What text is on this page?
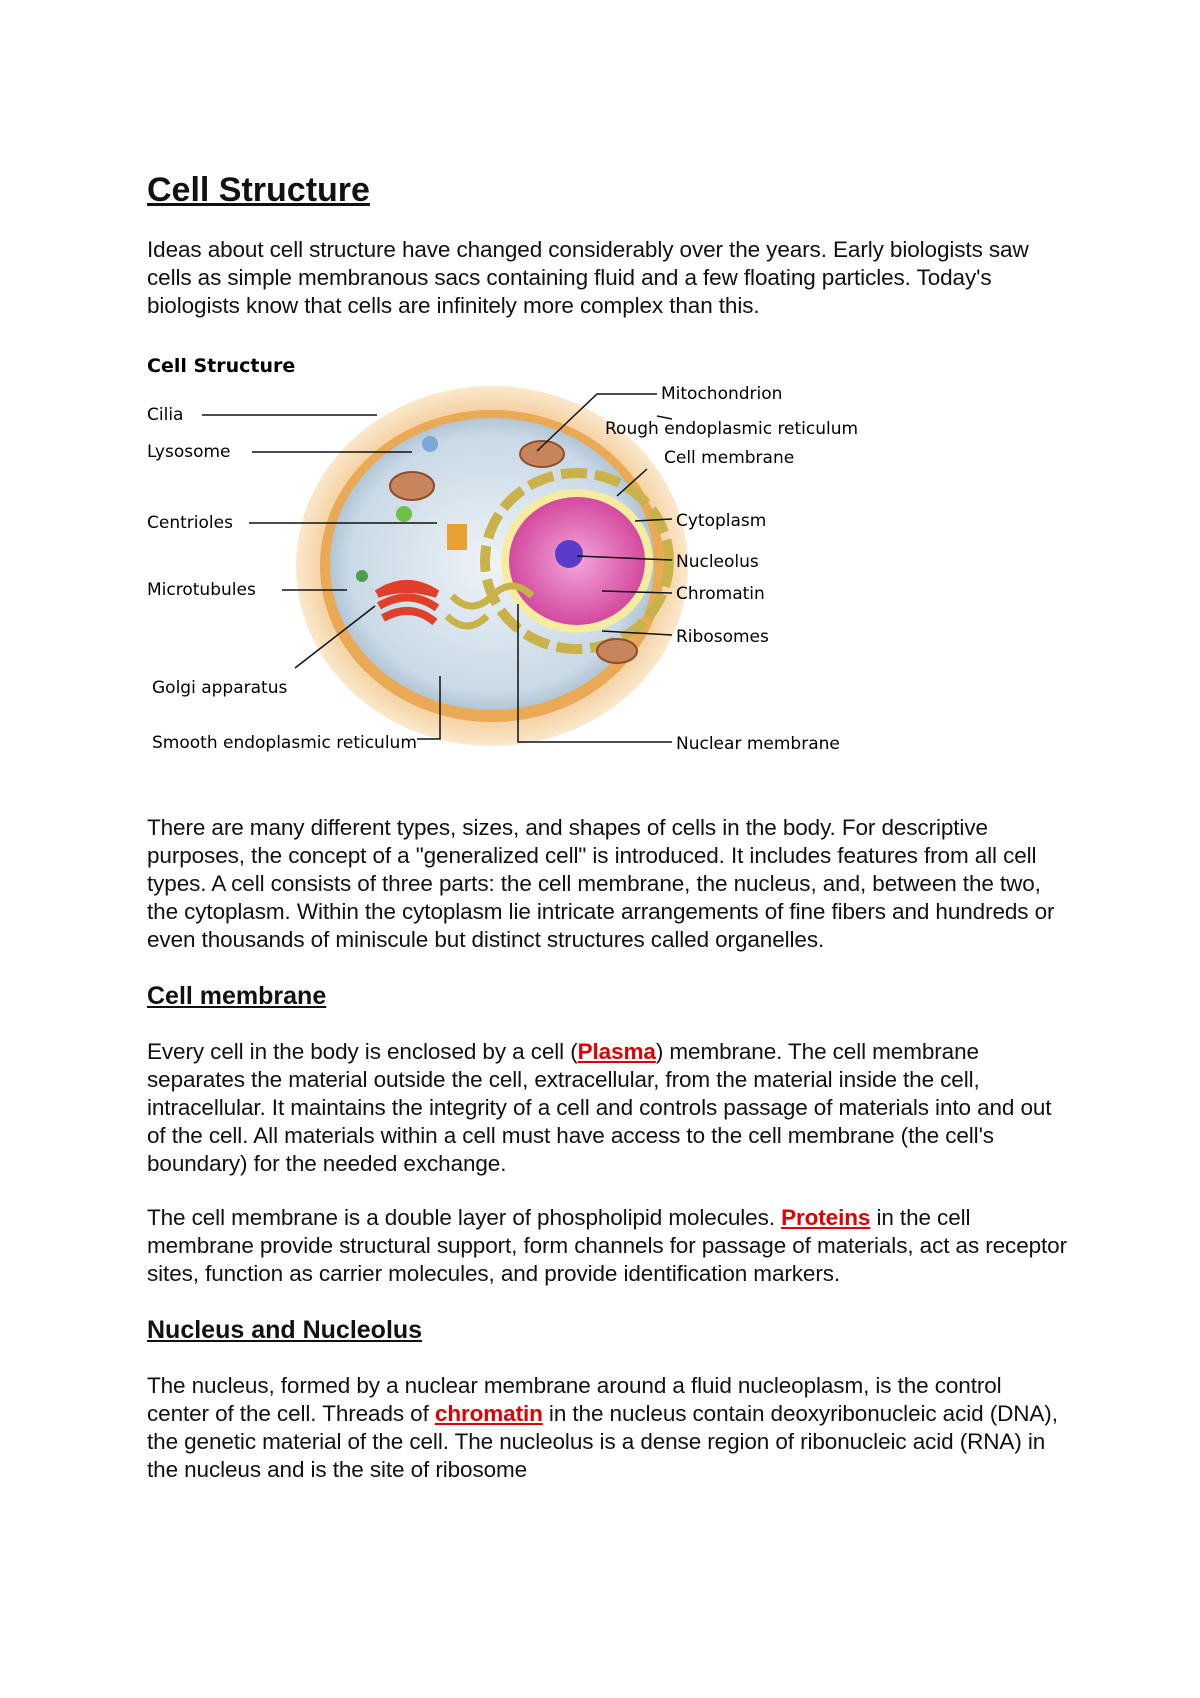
Cell Structure

Ideas about cell structure have changed considerably over the years. Early biologists saw cells as simple membranous sacs containing fluid and a few floating particles. Today's biologists know that cells are infinitely more complex than this.

Cell Structure
Cilia
Lysosome
Centrioles
Microtubules
Golgi apparatus
Smooth endoplasmic reticulum
Mitochondrion
Rough endoplasmic reticulum
Cell membrane
Cytoplasm
Nucleolus
Chromatin
Ribosomes
Nuclear membrane

There are many different types, sizes, and shapes of cells in the body. For descriptive purposes, the concept of a "generalized cell" is introduced. It includes features from all cell types. A cell consists of three parts: the cell membrane, the nucleus, and, between the two, the cytoplasm. Within the cytoplasm lie intricate arrangements of fine fibers and hundreds or even thousands of miniscule but distinct structures called organelles.

Cell membrane

Every cell in the body is enclosed by a cell (Plasma) membrane. The cell membrane separates the material outside the cell, extracellular, from the material inside the cell, intracellular. It maintains the integrity of a cell and controls passage of materials into and out of the cell. All materials within a cell must have access to the cell membrane (the cell's boundary) for the needed exchange.

The cell membrane is a double layer of phospholipid molecules. Proteins in the cell membrane provide structural support, form channels for passage of materials, act as receptor sites, function as carrier molecules, and provide identification markers.

Nucleus and Nucleolus

The nucleus, formed by a nuclear membrane around a fluid nucleoplasm, is the control center of the cell. Threads of chromatin in the nucleus contain deoxyribonucleic acid (DNA), the genetic material of the cell. The nucleolus is a dense region of ribonucleic acid (RNA) in the nucleus and is the site of ribosome
